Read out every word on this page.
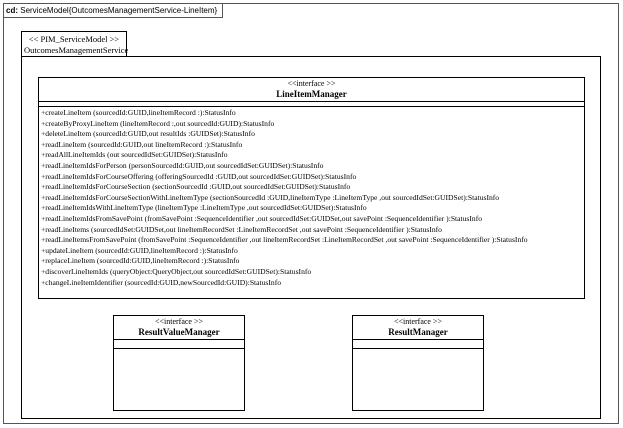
cd: ServiceModel{OutcomesManagementService-LineItem}
<< PIM_ServiceModel >>
OutcomesManagementService
<<interface >>
LineItemManager
+createLineItem (sourcedId:GUID,lineItemRecord :):StatusInfo
+createByProxyLineItem (lineItemRecord :,out sourcedId:GUID):StatusInfo
+deleteLineItem (sourcedId:GUID,out resultIds :GUIDSet):StatusInfo
+readLineItem (sourcedId:GUID,out lineItemRecord :):StatusInfo
+readAllLineItemIds (out sourcedIdSet:GUIDSet):StatusInfo
+readLineItemIdsForPerson (personSourcedId:GUID,out sourcedIdSet:GUIDSet):StatusInfo
+readLineItemIdsForCourseOffering (offeringSourcedId :GUID,out sourcedIdSet:GUIDSet):StatusInfo
+readLineItemIdsForCourseSection (sectionSourcedId :GUID,out sourcedIdSet:GUIDSet):StatusInfo
+readLineItemIdsForCourseSectionWithLineItemType (sectionSourcedId :GUID,lineItemType :LineItemType ,out sourcedIdSet:GUIDSet):StatusInfo
+readLineItemIdsWithLineItemType (lineItemType :LineItemType ,out sourcedIdSet:GUIDSet):StatusInfo
+readLineItemIdsFromSavePoint (fromSavePoint :SequenceIdentifier ,out sourcedIdSet:GUIDSet,out savePoint :SequenceIdentifier ):StatusInfo
+readLineItems (sourcedIdSet:GUIDSet,out lineItemRecordSet :LineItemRecordSet ,out savePoint :SequenceIdentifier ):StatusInfo
+readLineItemsFromSavePoint (fromSavePoint :SequenceIdentifier ,out lineItemRecordSet :LineItemRecordSet ,out savePoint :SequenceIdentifier ):StatusInfo
+updateLineItem (sourcedId:GUID,lineItemRecord :):StatusInfo
+replaceLineItem (sourcedId:GUID,lineItemRecord :):StatusInfo
+discoverLineItemIds (queryObject:QueryObject,out sourcedIdSet:GUIDSet):StatusInfo
+changeLineItemIdentifier (sourcedId:GUID,newSourcedId:GUID):StatusInfo
<<interface >>
ResultValueManager
<<interface >>
ResultManager
